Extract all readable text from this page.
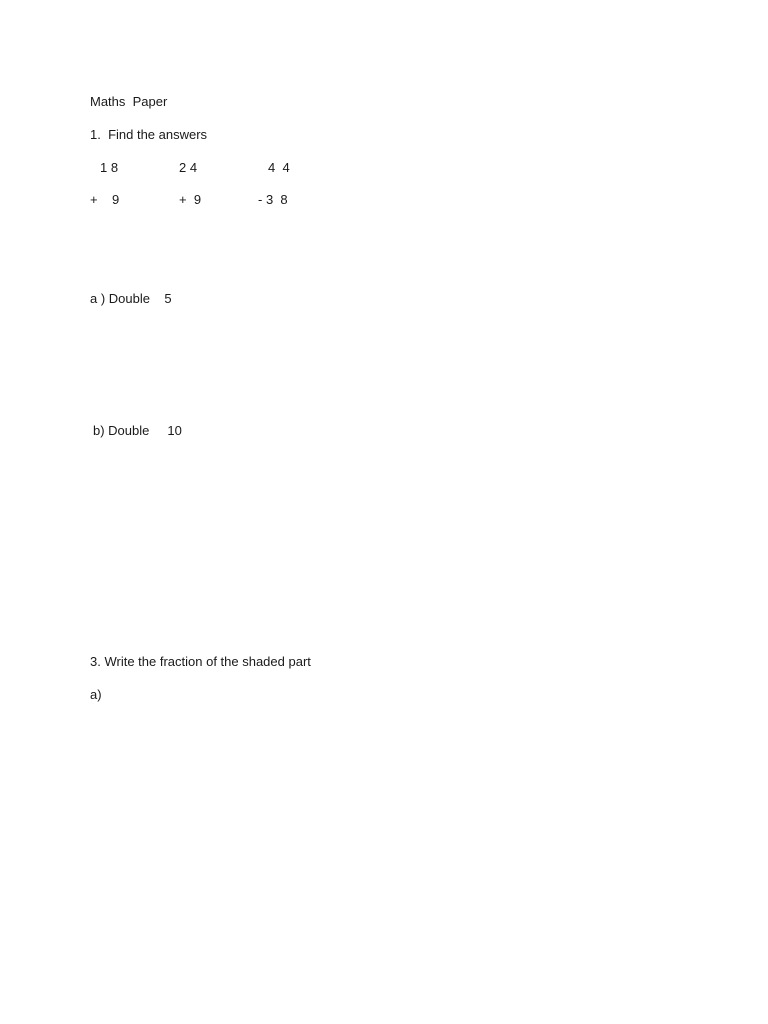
Maths  Paper
1.  Find the answers
1 8	2 4	4  4
+    9	+  9	- 3  8
a ) Double    5
b) Double     10
3. Write the fraction of the shaded part
a)
